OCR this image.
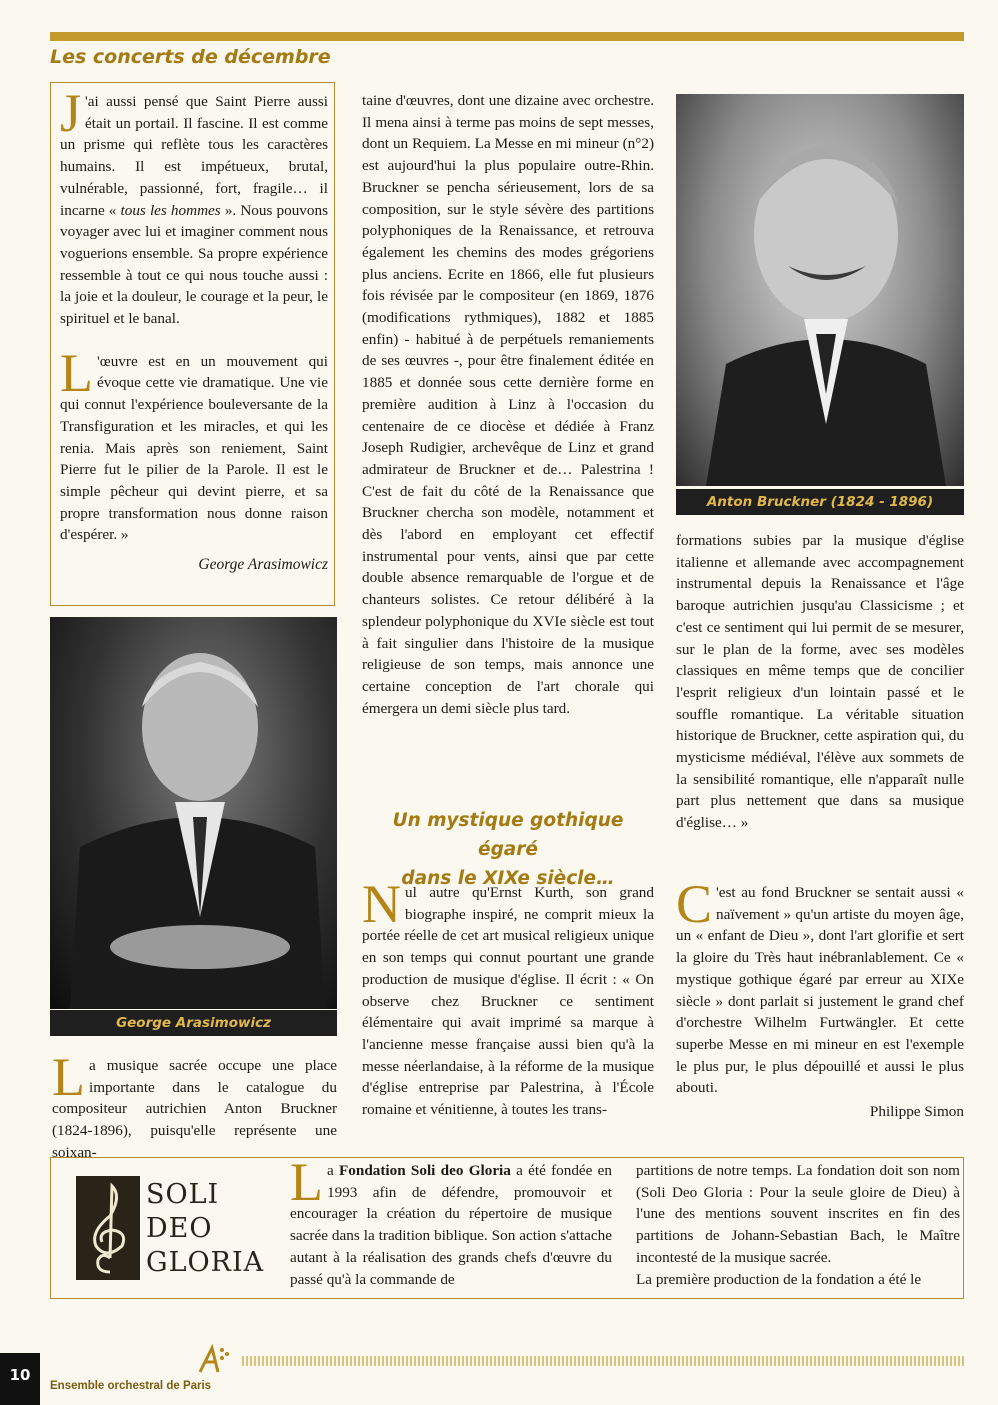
Les concerts de décembre

J 'ai aussi pensé que Saint Pierre aussi était un portail. Il fascine. Il est comme un prisme qui reflète tous les caractères humains. Il est impétueux, brutal, vulnérable, passionné, fort, fragile… il incarne « tous les hommes ». Nous pouvons voyager avec lui et imaginer comment nous voguerions ensemble. Sa propre expérience ressemble à tout ce qui nous touche aussi : la joie et la douleur, le courage et la peur, le spirituel et le banal.

L 'œuvre est en un mouvement qui évoque cette vie dramatique. Une vie qui connut l'expérience bouleversante de la Transfiguration et les miracles, et qui les renia. Mais après son reniement, Saint Pierre fut le pilier de la Parole. Il est le simple pêcheur qui devint pierre, et sa propre transformation nous donne raison d'espérer. »

George Arasimowicz

George Arasimowicz

La musique sacrée occupe une place importante dans le catalogue du compositeur autrichien Anton Bruckner (1824-1896), puisqu'elle représente une soixan-

taine d'œuvres, dont une dizaine avec orchestre. Il mena ainsi à terme pas moins de sept messes, dont un Requiem. La Messe en mi mineur (n°2) est aujourd'hui la plus populaire outre-Rhin. Bruckner se pencha sérieusement, lors de sa composition, sur le style sévère des partitions polyphoniques de la Renaissance, et retrouva également les chemins des modes grégoriens plus anciens. Ecrite en 1866, elle fut plusieurs fois révisée par le compositeur (en 1869, 1876 (modifications rythmiques), 1882 et 1885 enfin) - habitué à de perpétuels remaniements de ses œuvres -, pour être finalement éditée en 1885 et donnée sous cette dernière forme en première audition à Linz à l'occasion du centenaire de ce diocèse et dédiée à Franz Joseph Rudigier, archevêque de Linz et grand admirateur de Bruckner et de… Palestrina ! C'est de fait du côté de la Renaissance que Bruckner chercha son modèle, notamment et dès l'abord en employant cet effectif instrumental pour vents, ainsi que par cette double absence remarquable de l'orgue et de chanteurs solistes. Ce retour délibéré à la splendeur polyphonique du XVIe siècle est tout à fait singulier dans l'histoire de la musique religieuse de son temps, mais annonce une certaine conception de l'art chorale qui émergera un demi siècle plus tard.

Un mystique gothique égaré
dans le XIXe siècle…

Nul autre qu'Ernst Kurth, son grand biographe inspiré, ne comprit mieux la portée réelle de cet art musical religieux unique en son temps qui connut pourtant une grande production de musique d'église. Il écrit : « On observe chez Bruckner ce sentiment élémentaire qui avait imprimé sa marque à l'ancienne messe française aussi bien qu'à la messe néerlandaise, à la réforme de la musique d'église entreprise par Palestrina, à l'École romaine et vénitienne, à toutes les trans-

Anton Bruckner (1824 - 1896)

formations subies par la musique d'église italienne et allemande avec accompagnement instrumental depuis la Renaissance et l'âge baroque autrichien jusqu'au Classicisme ; et c'est ce sentiment qui lui permit de se mesurer, sur le plan de la forme, avec ses modèles classiques en même temps que de concilier l'esprit religieux d'un lointain passé et le souffle romantique. La véritable situation historique de Bruckner, cette aspiration qui, du mysticisme médiéval, l'élève aux sommets de la sensibilité romantique, elle n'apparaît nulle part plus nettement que dans sa musique d'église… »

C 'est au fond Bruckner se sentait aussi « naïvement » qu'un artiste du moyen âge, un « enfant de Dieu », dont l'art glorifie et sert la gloire du Très haut inébranlablement. Ce « mystique gothique égaré par erreur au XIXe siècle » dont parlait si justement le grand chef d'orchestre Wilhelm Furtwängler. Et cette superbe Messe en mi mineur en est l'exemple le plus pur, le plus dépouillé et aussi le plus abouti.

Philippe Simon

SOLI
DEO
GLORIA

La Fondation Soli deo Gloria a été fondée en 1993 afin de défendre, promouvoir et encourager la création du répertoire de musique sacrée dans la tradition biblique. Son action s'attache autant à la réalisation des grands chefs d'œuvre du passé qu'à la commande de

partitions de notre temps. La fondation doit son nom (Soli Deo Gloria : Pour la seule gloire de Dieu) à l'une des mentions souvent inscrites en fin des partitions de Johann-Sebastian Bach, le Maître incontesté de la musique sacrée.

La première production de la fondation a été le

10

Ensemble orchestral de Paris
